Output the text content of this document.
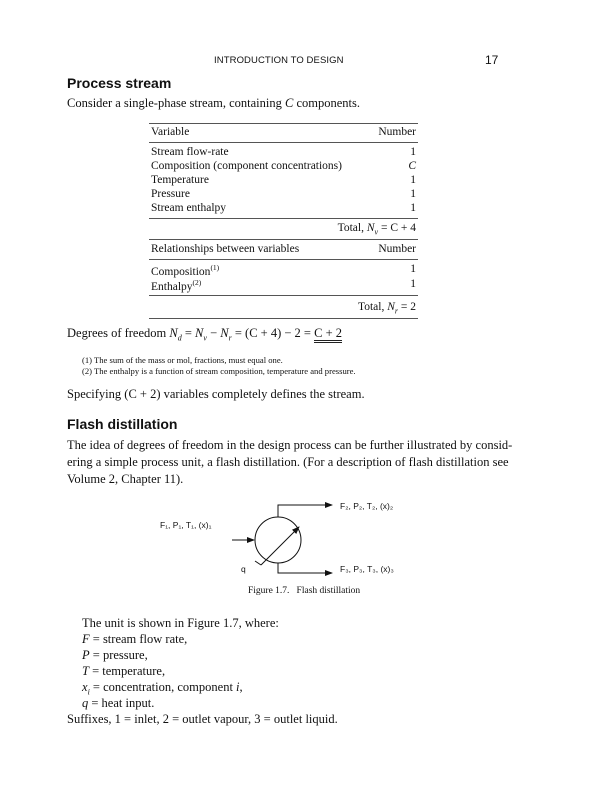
INTRODUCTION TO DESIGN	17
Process stream
Consider a single-phase stream, containing C components.
Variable	Number
Stream flow-rate	1
Composition (component concentrations)	C
Temperature	1
Pressure	1
Stream enthalpy	1
Total, $N_v = C + 4$
Relationships between variables	Number
Composition$^{(1)}$	1
Enthalpy$^{(2)}$	1
Total, $N_r = 2$
Degrees of freedom $N_d = N_v - N_r = (C + 4) - 2 = C + 2$
(1) The sum of the mass or mol, fractions, must equal one.
(2) The enthalpy is a function of stream composition, temperature and pressure.
Specifying (C + 2) variables completely defines the stream.
Flash distillation
The idea of degrees of freedom in the design process can be further illustrated by consid-
ering a simple process unit, a flash distillation. (For a description of flash distillation see
Volume 2, Chapter 11).
F₂, P₂, T₂, (x)₂
F₁, P₁, T₁, (x)₁
q	F₃, P₃, T₃, (x)₃
Figure 1.7.   Flash distillation
The unit is shown in Figure 1.7, where:
F = stream flow rate,
P = pressure,
T = temperature,
$x_i$ = concentration, component i,
q = heat input.
Suffixes, 1 = inlet, 2 = outlet vapour, 3 = outlet liquid.
